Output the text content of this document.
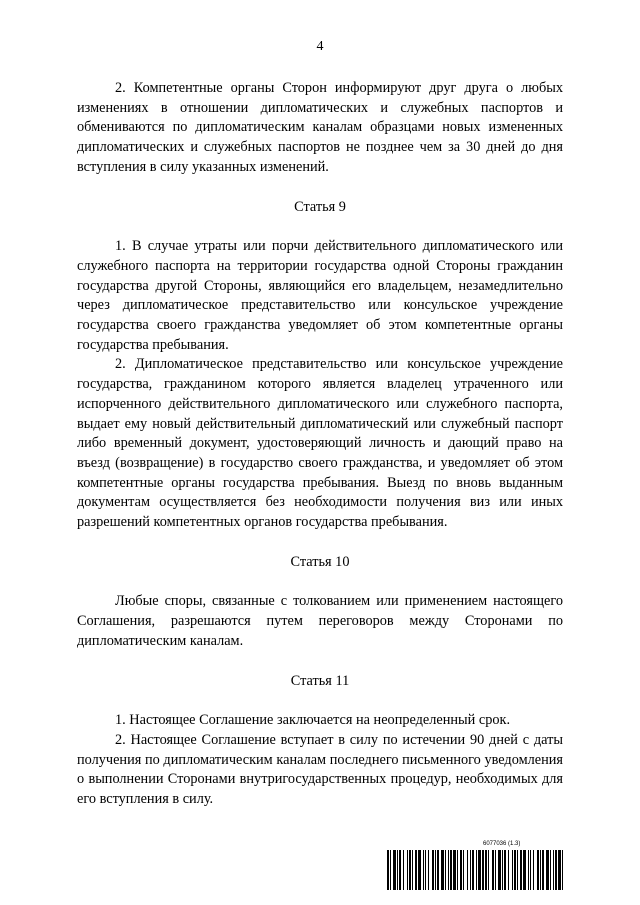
4

2. Компетентные органы Сторон информируют друг друга о любых изменениях в отношении дипломатических и служебных паспортов и обмениваются по дипломатическим каналам образцами новых измененных дипломатических и служебных паспортов не позднее чем за 30 дней до дня вступления в силу указанных изменений.

Статья 9

1. В случае утраты или порчи действительного дипломатического или служебного паспорта на территории государства одной Стороны гражданин государства другой Стороны, являющийся его владельцем, незамедлительно через дипломатическое представительство или консульское учреждение государства своего гражданства уведомляет об этом компетентные органы государства пребывания.

2. Дипломатическое представительство или консульское учреждение государства, гражданином которого является владелец утраченного или испорченного действительного дипломатического или служебного паспорта, выдает ему новый действительный дипломатический или служебный паспорт либо временный документ, удостоверяющий личность и дающий право на въезд (возвращение) в государство своего гражданства, и уведомляет об этом компетентные органы государства пребывания. Выезд по вновь выданным документам осуществляется без необходимости получения виз или иных разрешений компетентных органов государства пребывания.

Статья 10

Любые споры, связанные с толкованием или применением настоящего Соглашения, разрешаются путем переговоров между Сторонами по дипломатическим каналам.

Статья 11

1. Настоящее Соглашение заключается на неопределенный срок.

2. Настоящее Соглашение вступает в силу по истечении 90 дней с даты получения по дипломатическим каналам последнего письменного уведомления о выполнении Сторонами внутригосударственных процедур, необходимых для его вступления в силу.

6077036 (1.3)
